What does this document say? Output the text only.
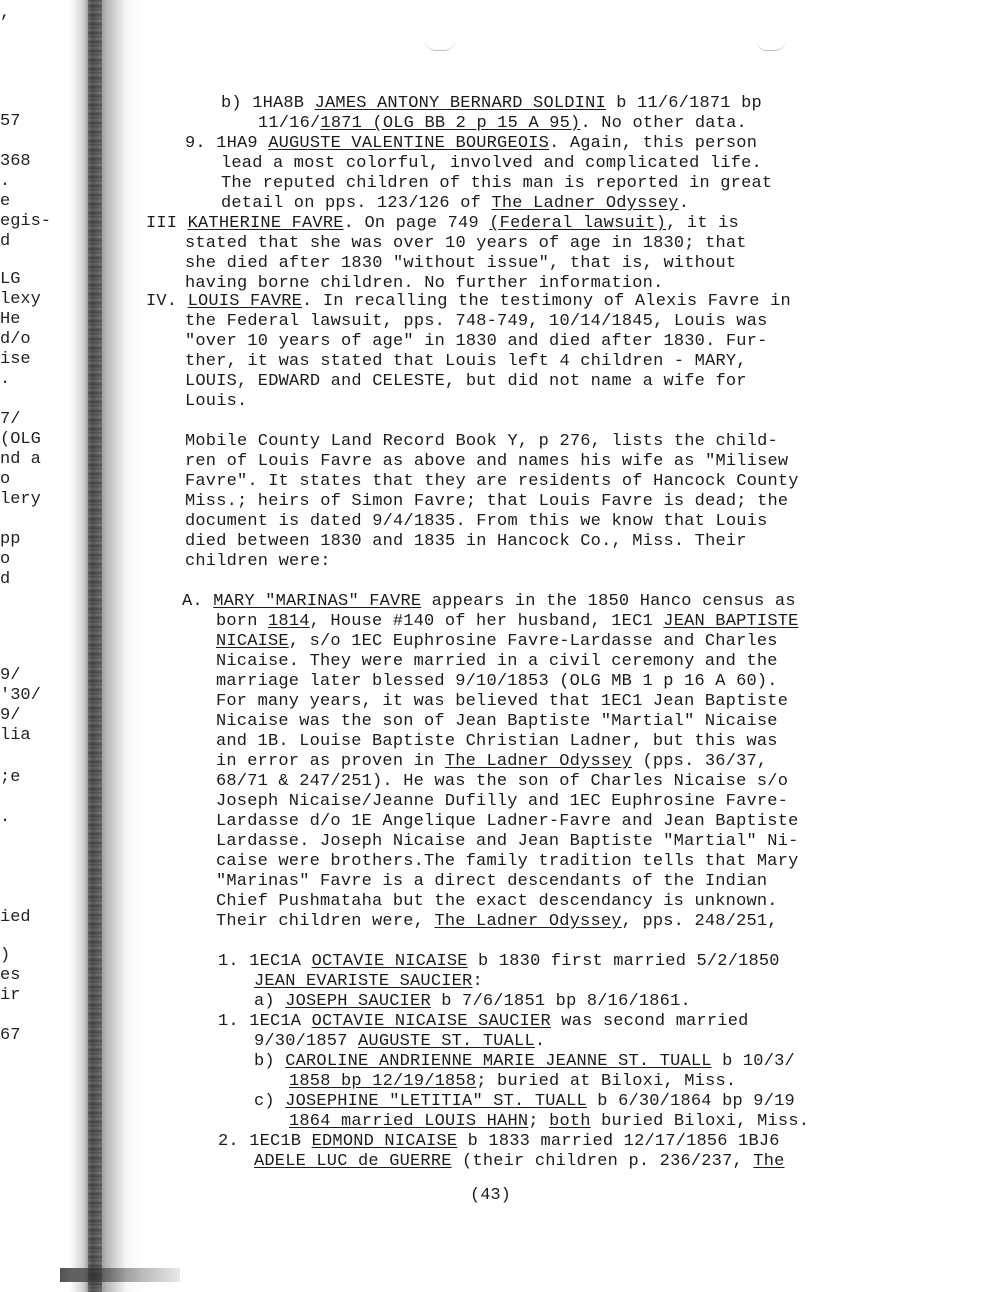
,
57
368
.
e
egis-
d
LG
lexy
He
d/o
ise
.
7/
(OLG
nd a
o
lery
pp
o
d
9/
'30/
9/
lia
;e
.
ied
)
es
ir
67
b) 1HA8B JAMES ANTONY BERNARD SOLDINI b 11/6/1871 bp
11/16/1871 (OLG BB 2 p 15 A 95). No other data.
9. 1HA9 AUGUSTE VALENTINE BOURGEOIS. Again, this person
lead a most colorful, involved and complicated life.
The reputed children of this man is reported in great
detail on pps. 123/126 of The Ladner Odyssey.
III KATHERINE FAVRE. On page 749 (Federal lawsuit), it is
stated that she was over 10 years of age in 1830; that
she died after 1830 "without issue", that is, without
having borne children. No further information.
IV. LOUIS FAVRE. In recalling the testimony of Alexis Favre in
the Federal lawsuit, pps. 748-749, 10/14/1845, Louis was
"over 10 years of age" in 1830 and died after 1830. Fur-
ther, it was stated that Louis left 4 children - MARY,
LOUIS, EDWARD and CELESTE, but did not name a wife for
Louis.
Mobile County Land Record Book Y, p 276, lists the child-
ren of Louis Favre as above and names his wife as "Milisew
Favre". It states that they are residents of Hancock County
Miss.; heirs of Simon Favre; that Louis Favre is dead; the
document is dated 9/4/1835. From this we know that Louis
died between 1830 and 1835 in Hancock Co., Miss. Their
children were:
A. MARY "MARINAS" FAVRE appears in the 1850 Hanco census as
born 1814, House #140 of her husband, 1EC1 JEAN BAPTISTE
NICAISE, s/o 1EC Euphrosine Favre-Lardasse and Charles
Nicaise. They were married in a civil ceremony and the
marriage later blessed 9/10/1853 (OLG MB 1 p 16 A 60).
For many years, it was believed that 1EC1 Jean Baptiste
Nicaise was the son of Jean Baptiste "Martial" Nicaise
and 1B. Louise Baptiste Christian Ladner, but this was
in error as proven in The Ladner Odyssey (pps. 36/37,
68/71 & 247/251). He was the son of Charles Nicaise s/o
Joseph Nicaise/Jeanne Dufilly and 1EC Euphrosine Favre-
Lardasse d/o 1E Angelique Ladner-Favre and Jean Baptiste
Lardasse. Joseph Nicaise and Jean Baptiste "Martial" Ni-
caise were brothers.The family tradition tells that Mary
"Marinas" Favre is a direct descendants of the Indian
Chief Pushmataha but the exact descendancy is unknown.
Their children were, The Ladner Odyssey, pps. 248/251,
1. 1EC1A OCTAVIE NICAISE b 1830 first married 5/2/1850
JEAN EVARISTE SAUCIER:
a) JOSEPH SAUCIER b 7/6/1851 bp 8/16/1861.
1. 1EC1A OCTAVIE NICAISE SAUCIER was second married
9/30/1857 AUGUSTE ST. TUALL.
b) CAROLINE ANDRIENNE MARIE JEANNE ST. TUALL b 10/3/
1858 bp 12/19/1858; buried at Biloxi, Miss.
c) JOSEPHINE "LETITIA" ST. TUALL b 6/30/1864 bp 9/19
1864 married LOUIS HAHN; both buried Biloxi, Miss.
2. 1EC1B EDMOND NICAISE b 1833 married 12/17/1856 1BJ6
ADELE LUC de GUERRE (their children p. 236/237, The
(43)
